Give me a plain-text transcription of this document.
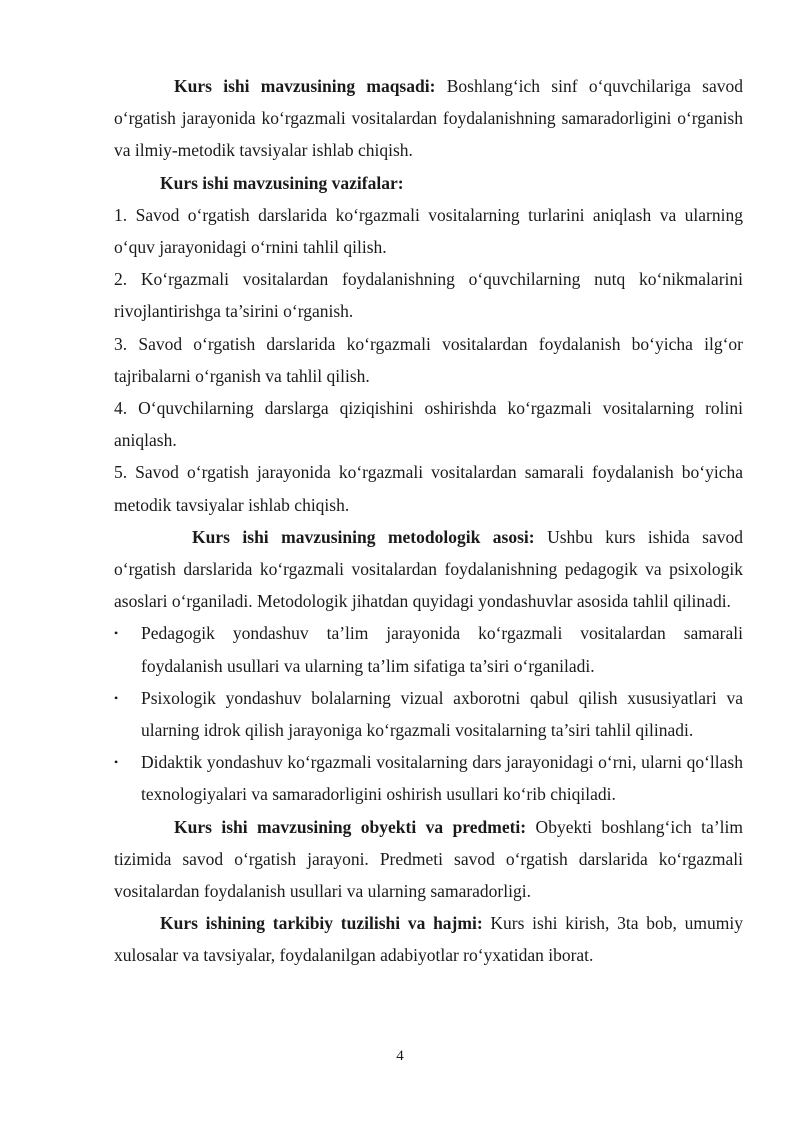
Kurs ishi mavzusining maqsadi: Boshlang‘ich sinf o‘quvchilariga savod o‘rgatish jarayonida ko‘rgazmali vositalardan foydalanishning samaradorligini o‘rganish va ilmiy-metodik tavsiyalar ishlab chiqish.

Kurs ishi mavzusining vazifalar:

1. Savod o‘rgatish darslarida ko‘rgazmali vositalarning turlarini aniqlash va ularning o‘quv jarayonidagi o‘rnini tahlil qilish.

2. Ko‘rgazmali vositalardan foydalanishning o‘quvchilarning nutq ko‘nikmalarini rivojlantirishga ta’sirini o‘rganish.

3. Savod o‘rgatish darslarida ko‘rgazmali vositalardan foydalanish bo‘yicha ilg‘or tajribalarni o‘rganish va tahlil qilish.

4. O‘quvchilarning darslarga qiziqishini oshirishda ko‘rgazmali vositalarning rolini aniqlash.

5. Savod o‘rgatish jarayonida ko‘rgazmali vositalardan samarali foydalanish bo‘yicha metodik tavsiyalar ishlab chiqish.

Kurs ishi mavzusining metodologik asosi: Ushbu kurs ishida savod o‘rgatish darslarida ko‘rgazmali vositalardan foydalanishning pedagogik va psixologik asoslari o‘rganiladi. Metodologik jihatdan quyidagi yondashuvlar asosida tahlil qilinadi.

• Pedagogik yondashuv ta’lim jarayonida ko‘rgazmali vositalardan samarali foydalanish usullari va ularning ta’lim sifatiga ta’siri o‘rganiladi.
• Psixologik yondashuv bolalarning vizual axborotni qabul qilish xususiyatlari va ularning idrok qilish jarayoniga ko‘rgazmali vositalarning ta’siri tahlil qilinadi.
• Didaktik yondashuv ko‘rgazmali vositalarning dars jarayonidagi o‘rni, ularni qo‘llash texnologiyalari va samaradorligini oshirish usullari ko‘rib chiqiladi.

Kurs ishi mavzusining obyekti va predmeti: Obyekti boshlang‘ich ta’lim tizimida savod o‘rgatish jarayoni. Predmeti savod o‘rgatish darslarida ko‘rgazmali vositalardan foydalanish usullari va ularning samaradorligi.

Kurs ishining tarkibiy tuzilishi va hajmi: Kurs ishi kirish, 3ta bob, umumiy xulosalar va tavsiyalar, foydalanilgan adabiyotlar ro‘yxatidan iborat.

4
